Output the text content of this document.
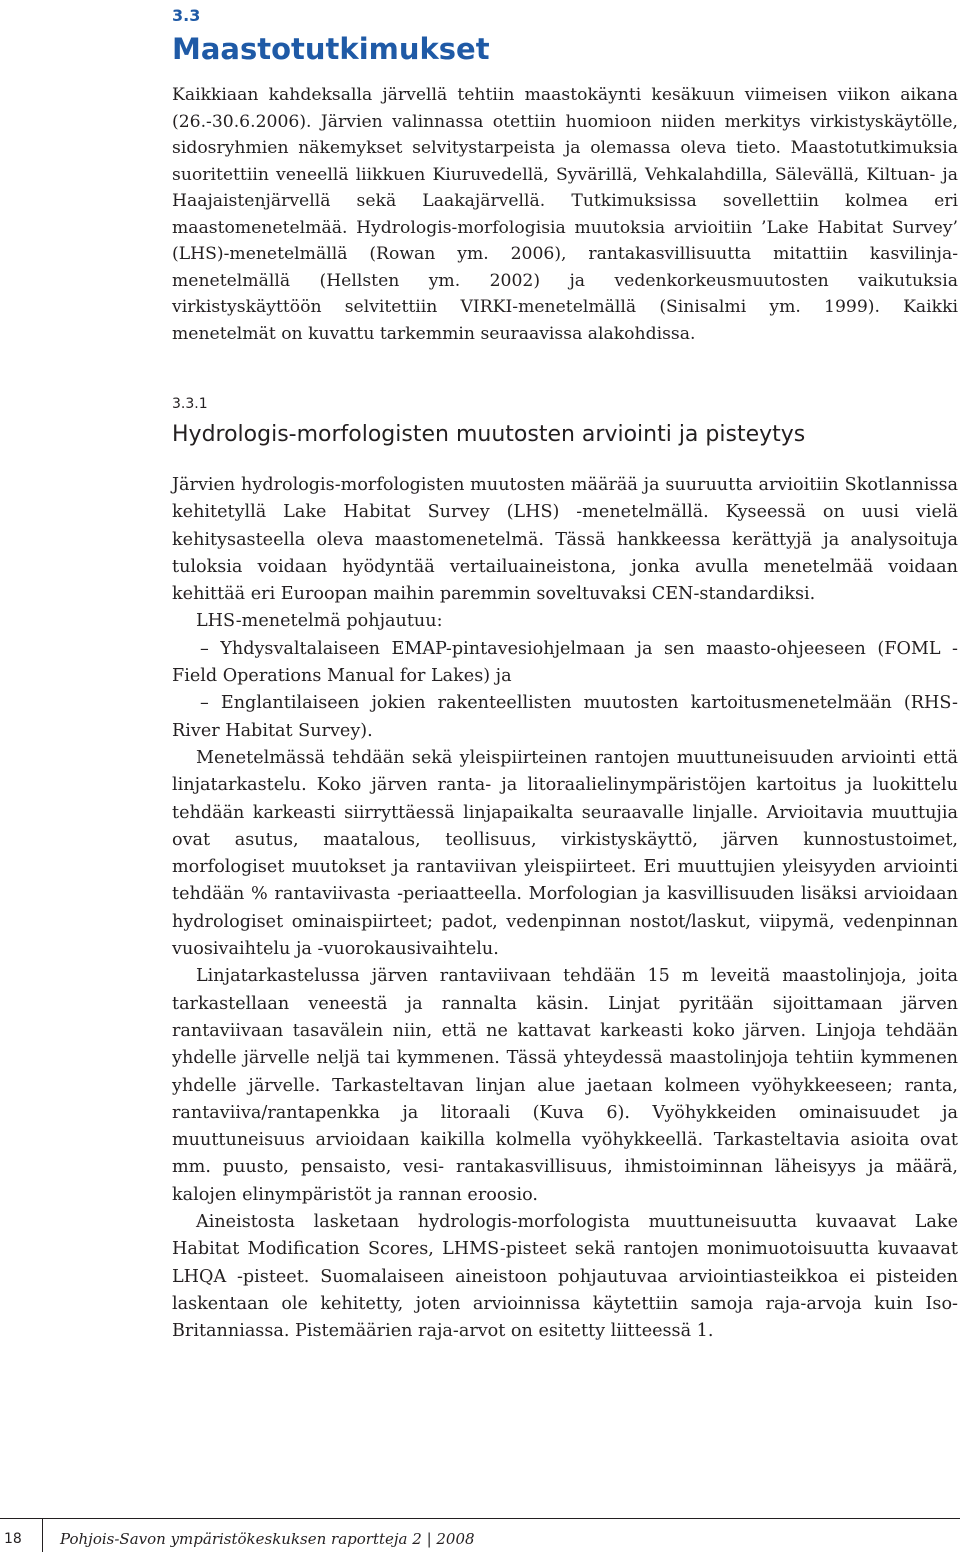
3.3
Maastotutkimukset

Kaikkiaan kahdeksalla järvellä tehtiin maastokäynti kesäkuun viimeisen viikon aikana (26.-30.6.2006). Järvien valinnassa otettiin huomioon niiden merkitys virkistyskäytölle, sidosryhmien näkemykset selvitystarpeista ja olemassa oleva tieto. Maastotutkimuksia suoritettiin veneellä liikkuen Kiuruvedellä, Syvärillä, Vehkalahdilla, Sälevällä, Kiltuan- ja Haajaistenjärvellä sekä Laakajärvellä. Tutkimuksissa sovellettiin kolmea eri maastomenetelmää. Hydrologis-morfologisia muutoksia arvioitiin ’Lake Habitat Survey’ (LHS)-menetelmällä (Rowan ym. 2006), rantakasvillisuutta mitattiin kasvilinja-menetelmällä (Hellsten ym. 2002) ja vedenkorkeusmuutosten vaikutuksia virkistyskäyttöön selvitettiin VIRKI-menetelmällä (Sinisalmi ym. 1999). Kaikki menetelmät on kuvattu tarkemmin seuraavissa alakohdissa.

3.3.1
Hydrologis-morfologisten muutosten arviointi ja pisteytys

Järvien hydrologis-morfologisten muutosten määrää ja suuruutta arvioitiin Skotlannissa kehitetyllä Lake Habitat Survey (LHS) -menetelmällä. Kyseessä on uusi vielä kehitysasteella oleva maastomenetelmä. Tässä hankkeessa kerättyjä ja analysoituja tuloksia voidaan hyödyntää vertailuaineistona, jonka avulla menetelmää voidaan kehittää eri Euroopan maihin paremmin soveltuvaksi CEN-standardiksi.

LHS-menetelmä pohjautuu:

– Yhdysvaltalaiseen EMAP-pintavesiohjelmaan ja sen maasto-ohjeeseen (FOML -Field Operations Manual for Lakes) ja

– Englantilaiseen jokien rakenteellisten muutosten kartoitusmenetelmään (RHS-River Habitat Survey).

Menetelmässä tehdään sekä yleispiirteinen rantojen muuttuneisuuden arviointi että linjatarkastelu. Koko järven ranta- ja litoraalielinympäristöjen kartoitus ja luokittelu tehdään karkeasti siirryttäessä linjapaikalta seuraavalle linjalle. Arvioitavia muuttujia ovat asutus, maatalous, teollisuus, virkistyskäyttö, järven kunnostustoimet, morfologiset muutokset ja rantaviivan yleispiirteet. Eri muuttujien yleisyyden arviointi tehdään % rantaviivasta -periaatteella. Morfologian ja kasvillisuuden lisäksi arvioidaan hydrologiset ominaispiirteet; padot, vedenpinnan nostot/laskut, viipymä, vedenpinnan vuosivaihtelu ja -vuorokausivaihtelu.

Linjatarkastelussa järven rantaviivaan tehdään 15 m leveitä maastolinjoja, joita tarkastellaan veneestä ja rannalta käsin. Linjat pyritään sijoittamaan järven rantaviivaan tasavälein niin, että ne kattavat karkeasti koko järven. Linjoja tehdään yhdelle järvelle neljä tai kymmenen. Tässä yhteydessä maastolinjoja tehtiin kymmenen yhdelle järvelle. Tarkasteltavan linjan alue jaetaan kolmeen vyöhykkeeseen; ranta, rantaviiva/rantapenkka ja litoraali (Kuva 6). Vyöhykkeiden ominaisuudet ja muuttuneisuus arvioidaan kaikilla kolmella vyöhykkeellä. Tarkasteltavia asioita ovat mm. puusto, pensaisto, vesi- rantakasvillisuus, ihmistoiminnan läheisyys ja määrä, kalojen elinympäristöt ja rannan eroosio.

Aineistosta lasketaan hydrologis-morfologista muuttuneisuutta kuvaavat Lake Habitat Modification Scores, LHMS-pisteet sekä rantojen monimuotoisuutta kuvaavat LHQA -pisteet. Suomalaiseen aineistoon pohjautuvaa arviointiasteikkoa ei pisteiden laskentaan ole kehitetty, joten arvioinnissa käytettiin samoja raja-arvoja kuin Iso-Britanniassa. Pistemäärien raja-arvot on esitetty liitteessä 1.

18	Pohjois-Savon ympäristökeskuksen raportteja 2 | 2008
